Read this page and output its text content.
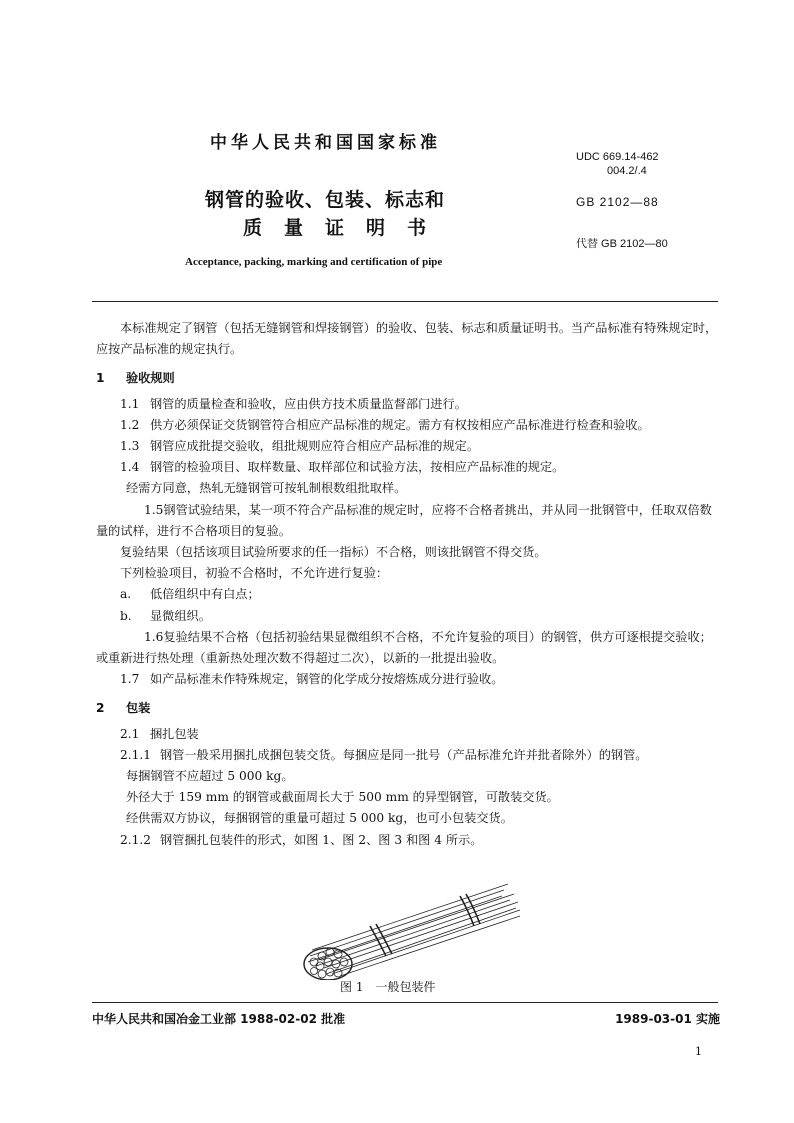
中华人民共和国国家标准
UDC 669.14-462
004.2/.4
钢管的验收、包装、标志和	GB 2102—88
质量证明书
代替 GB 2102—80
Acceptance, packing, marking and certification of pipe

本标准规定了钢管（包括无缝钢管和焊接钢管）的验收、包装、标志和质量证明书。当产品标准有特殊规定时，应按产品标准的规定执行。

1 验收规则

1.1 钢管的质量检查和验收，应由供方技术质量监督部门进行。

1.2 供方必须保证交货钢管符合相应产品标准的规定。需方有权按相应产品标准进行检查和验收。

1.3 钢管应成批提交验收，组批规则应符合相应产品标准的规定。

1.4 钢管的检验项目、取样数量、取样部位和试验方法，按相应产品标准的规定。

经需方同意，热轧无缝钢管可按轧制根数组批取样。

1.5钢管试验结果，某一项不符合产品标准的规定时，应将不合格者挑出，并从同一批钢管中，任取双倍数量的试样，进行不合格项目的复验。

复验结果（包括该项目试验所要求的任一指标）不合格，则该批钢管不得交货。

下列检验项目，初验不合格时，不允许进行复验：

a. 低倍组织中有白点；

b. 显微组织。

1.6复验结果不合格（包括初验结果显微组织不合格，不允许复验的项目）的钢管，供方可逐根提交验收；或重新进行热处理（重新热处理次数不得超过二次），以新的一批提出验收。

1.7 如产品标准未作特殊规定，钢管的化学成分按熔炼成分进行验收。

2 包装

2.1 捆扎包装

2.1.1 钢管一般采用捆扎成捆包装交货。每捆应是同一批号（产品标准允许并批者除外）的钢管。

每捆钢管不应超过 5 000 kg。

外径大于 159 mm 的钢管或截面周长大于 500 mm 的异型钢管，可散装交货。

经供需双方协议，每捆钢管的重量可超过 5 000 kg，也可小包装交货。

2.1.2 钢管捆扎包装件的形式，如图 1、图 2、图 3 和图 4 所示。

图 1　一般包装件
中华人民共和国冶金工业部 1988-02-02 批准	1989-03-01 实施
1
